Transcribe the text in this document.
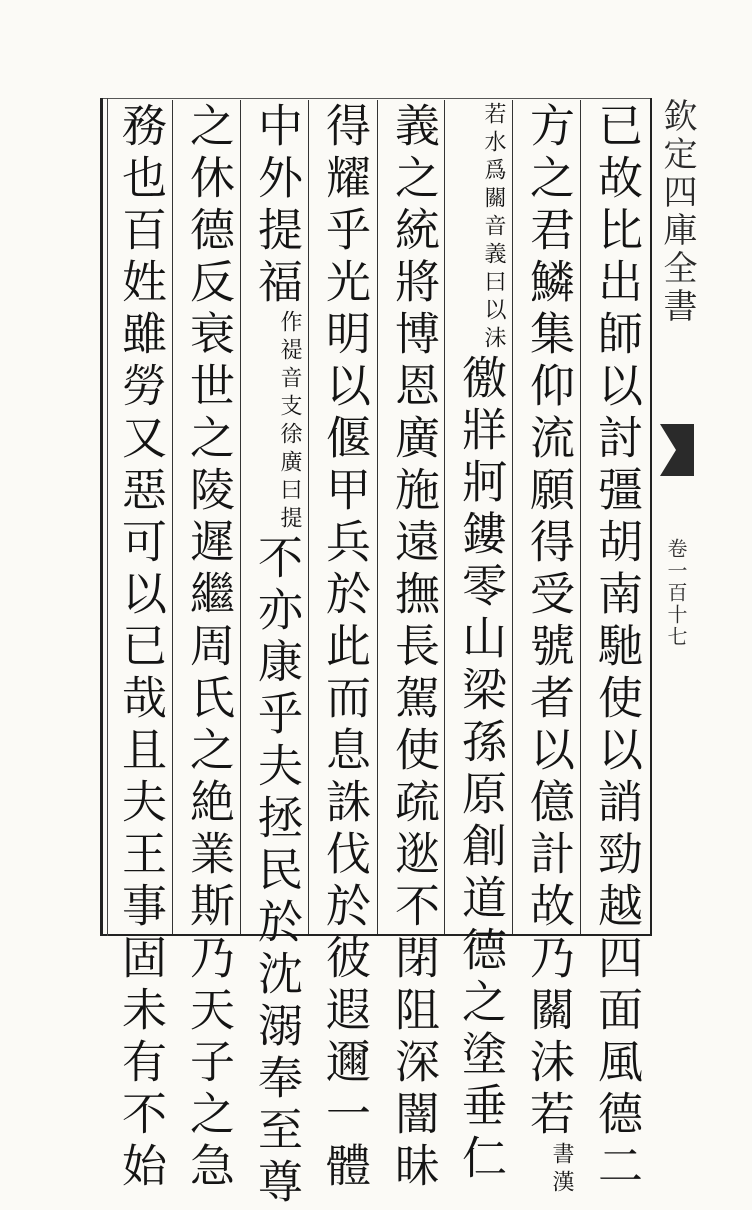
欽定四庫全書
卷一百十七
已故比出師以討彊胡南馳使以誚勁越四面風德二
方之君鱗集仰流願得受號者以億計故乃關沬若
漢
書
音義曰以沬
若水爲關
徼牂牁鏤零山梁孫原創道德之塗垂仁
義之統將博恩廣施遠撫長駕使疏逖不閉阻深闇昧
得耀乎光明以偃甲兵於此而息誅伐於彼遐邇一體
中外提福
徐廣曰提
作禔音支
不亦康乎夫拯民於沈溺奉至尊
之休德反衰世之陵遲繼周氏之絶業斯乃天子之急
務也百姓雖勞又惡可以已哉且夫王事固未有不始
